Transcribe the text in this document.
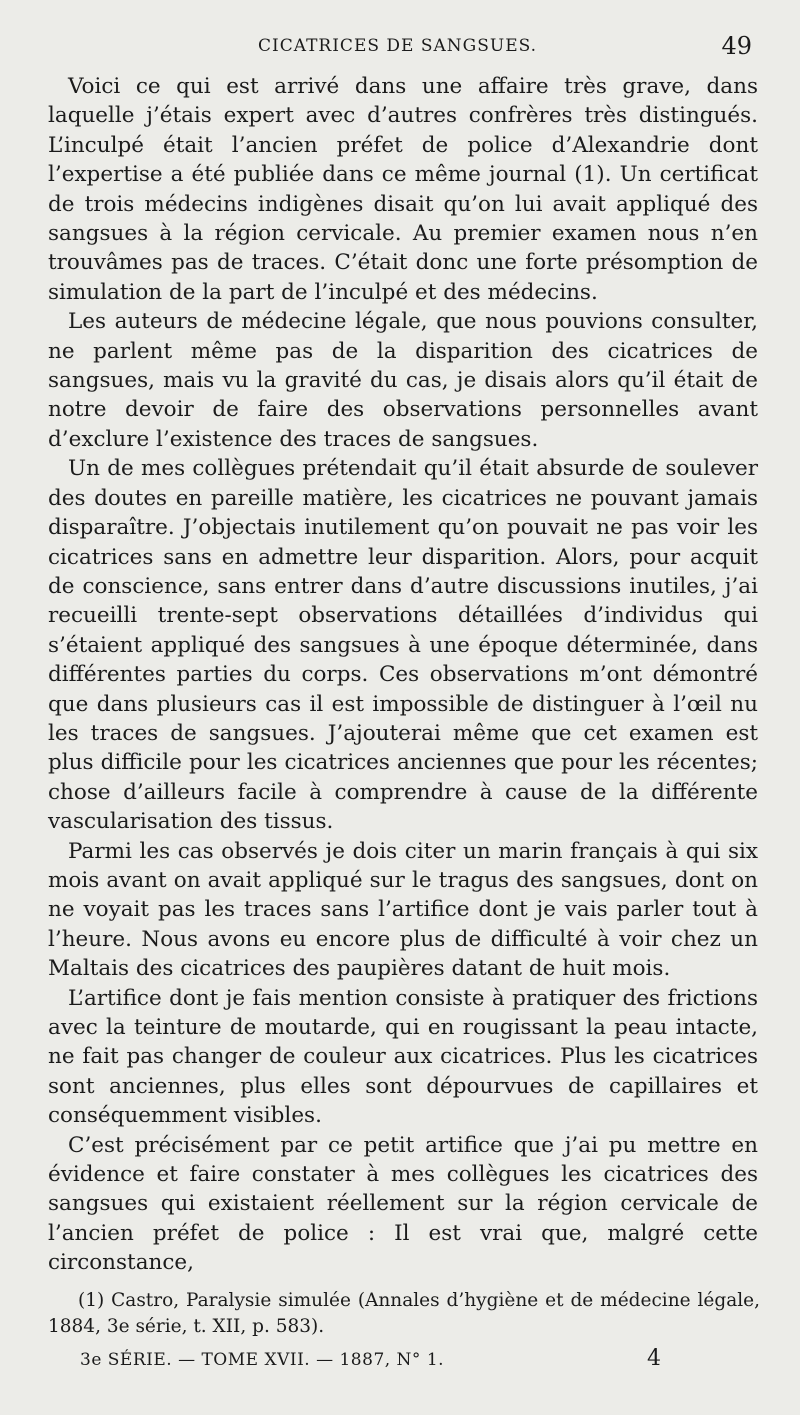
CICATRICES DE SANGSUES.	49

Voici ce qui est arrivé dans une affaire très grave, dans laquelle j’étais expert avec d’autres confrères très distingués. L’inculpé était l’ancien préfet de police d’Alexandrie dont l’expertise a été publiée dans ce même journal (1). Un certificat de trois médecins indigènes disait qu’on lui avait appliqué des sangsues à la région cervicale. Au premier examen nous n’en trouvâmes pas de traces. C’était donc une forte présomption de simulation de la part de l’inculpé et des médecins.

Les auteurs de médecine légale, que nous pouvions consulter, ne parlent même pas de la disparition des cicatrices de sangsues, mais vu la gravité du cas, je disais alors qu’il était de notre devoir de faire des observations personnelles avant d’exclure l’existence des traces de sangsues.

Un de mes collègues prétendait qu’il était absurde de soulever des doutes en pareille matière, les cicatrices ne pouvant jamais disparaître. J’objectais inutilement qu’on pouvait ne pas voir les cicatrices sans en admettre leur disparition. Alors, pour acquit de conscience, sans entrer dans d’autre discussions inutiles, j’ai recueilli trente-sept observations détaillées d’individus qui s’étaient appliqué des sangsues à une époque déterminée, dans différentes parties du corps. Ces observations m’ont démontré que dans plusieurs cas il est impossible de distinguer à l’œil nu les traces de sangsues. J’ajouterai même que cet examen est plus difficile pour les cicatrices anciennes que pour les récentes; chose d’ailleurs facile à comprendre à cause de la différente vascularisation des tissus.

Parmi les cas observés je dois citer un marin français à qui six mois avant on avait appliqué sur le tragus des sangsues, dont on ne voyait pas les traces sans l’artifice dont je vais parler tout à l’heure. Nous avons eu encore plus de difficulté à voir chez un Maltais des cicatrices des paupières datant de huit mois.

L’artifice dont je fais mention consiste à pratiquer des frictions avec la teinture de moutarde, qui en rougissant la peau intacte, ne fait pas changer de couleur aux cicatrices. Plus les cicatrices sont anciennes, plus elles sont dépourvues de capillaires et conséquemment visibles.

C’est précisément par ce petit artifice que j’ai pu mettre en évidence et faire constater à mes collègues les cicatrices des sangsues qui existaient réellement sur la région cervicale de l’ancien préfet de police : Il est vrai que, malgré cette circonstance,

(1) Castro, Paralysie simulée (Annales d’hygiène et de médecine légale, 1884, 3e série, t. XII, p. 583).

3e SÉRIE. — TOME XVII. — 1887, N° 1.	4
